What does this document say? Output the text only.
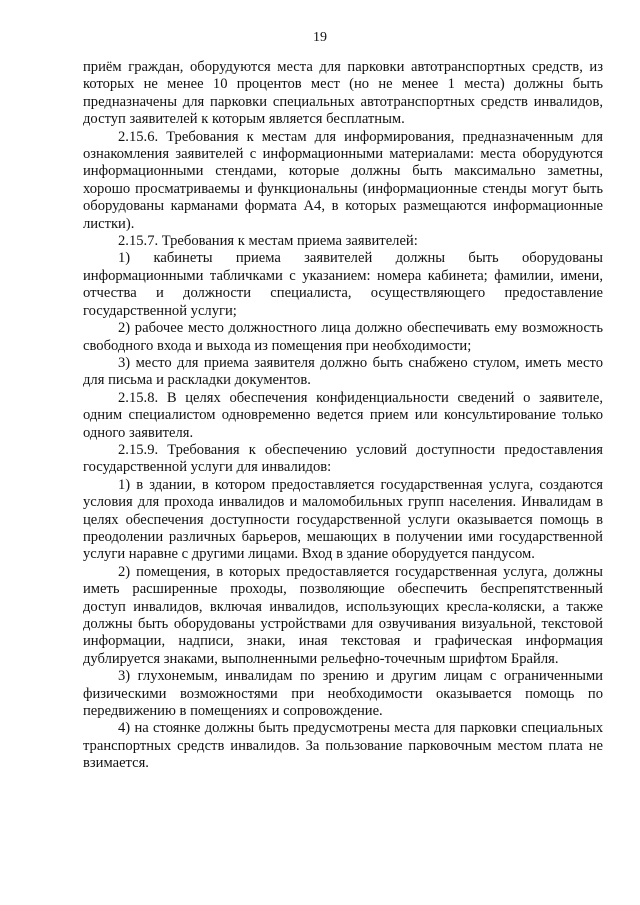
19

приём граждан, оборудуются места для парковки автотранспортных средств, из которых не менее 10 процентов мест (но не менее 1 места) должны быть предназначены для парковки специальных автотранспортных средств инвалидов, доступ заявителей к которым является бесплатным.

2.15.6. Требования к местам для информирования, предназначенным для ознакомления заявителей с информационными материалами: места оборудуются информационными стендами, которые должны быть максимально заметны, хорошо просматриваемы и функциональны (информационные стенды могут быть оборудованы карманами формата А4, в которых размещаются информационные листки).

2.15.7. Требования к местам приема заявителей:

1) кабинеты приема заявителей должны быть оборудованы информационными табличками с указанием: номера кабинета; фамилии, имени, отчества и должности специалиста, осуществляющего предоставление государственной услуги;

2) рабочее место должностного лица должно обеспечивать ему возможность свободного входа и выхода из помещения при необходимости;

3) место для приема заявителя должно быть снабжено стулом, иметь место для письма и раскладки документов.

2.15.8. В целях обеспечения конфиденциальности сведений о заявителе, одним специалистом одновременно ведется прием или консультирование только одного заявителя.

2.15.9. Требования к обеспечению условий доступности предоставления государственной услуги для инвалидов:

1) в здании, в котором предоставляется государственная услуга, создаются условия для прохода инвалидов и маломобильных групп населения. Инвалидам в целях обеспечения доступности государственной услуги оказывается помощь в преодолении различных барьеров, мешающих в получении ими государственной услуги наравне с другими лицами. Вход в здание оборудуется пандусом.

2) помещения, в которых предоставляется государственная услуга, должны иметь расширенные проходы, позволяющие обеспечить беспрепятственный доступ инвалидов, включая инвалидов, использующих кресла-коляски, а также должны быть оборудованы устройствами для озвучивания визуальной, текстовой информации, надписи, знаки, иная текстовая и графическая информация дублируется знаками, выполненными рельефно-точечным шрифтом Брайля.

3) глухонемым, инвалидам по зрению и другим лицам с ограниченными физическими возможностями при необходимости оказывается помощь по передвижению в помещениях и сопровождение.

4) на стоянке должны быть предусмотрены места для парковки специальных транспортных средств инвалидов. За пользование парковочным местом плата не взимается.
